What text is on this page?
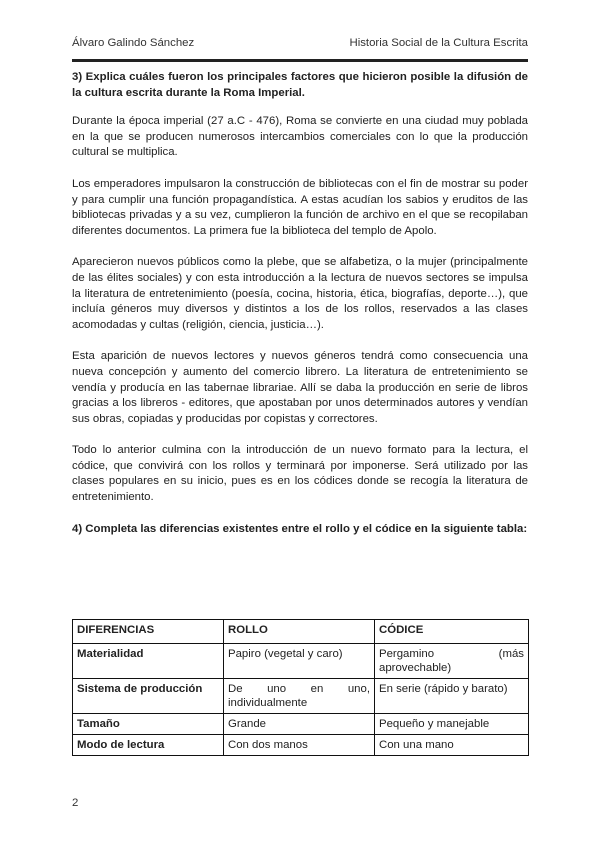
Álvaro Galindo Sánchez	Historia Social de la Cultura Escrita

3) Explica cuáles fueron los principales factores que hicieron posible la difusión de la cultura escrita durante la Roma Imperial.

Durante la época imperial (27 a.C - 476), Roma se convierte en una ciudad muy poblada en la que se producen numerosos intercambios comerciales con lo que la producción cultural se multiplica.

Los emperadores impulsaron la construcción de bibliotecas con el fin de mostrar su poder y para cumplir una función propagandística. A estas acudían los sabios y eruditos de las bibliotecas privadas y a su vez, cumplieron la función de archivo en el que se recopilaban diferentes documentos. La primera fue la biblioteca del templo de Apolo.

Aparecieron nuevos públicos como la plebe, que se alfabetiza, o la mujer (principalmente de las élites sociales) y con esta introducción a la lectura de nuevos sectores se impulsa la literatura de entretenimiento (poesía, cocina, historia, ética, biografías, deporte…), que incluía géneros muy diversos y distintos a los de los rollos, reservados a las clases acomodadas y cultas (religión, ciencia, justicia…).

Esta aparición de nuevos lectores y nuevos géneros tendrá como consecuencia una nueva concepción y aumento del comercio librero. La literatura de entretenimiento se vendía y producía en las tabernae librariae. Allí se daba la producción en serie de libros gracias a los libreros - editores, que apostaban por unos determinados autores y vendían sus obras, copiadas y producidas por copistas y correctores.

Todo lo anterior culmina con la introducción de un nuevo formato para la lectura, el códice, que convivirá con los rollos y terminará por imponerse. Será utilizado por las clases populares en su inicio, pues es en los códices donde se recogía la literatura de entretenimiento.

4) Completa las diferencias existentes entre el rollo y el códice en la siguiente tabla:

DIFERENCIAS	ROLLO	CÓDICE
Materialidad	Papiro (vegetal y caro)	Pergamino (más aprovechable)
Sistema de producción	De uno en uno, individualmente	En serie (rápido y barato)
Tamaño	Grande	Pequeño y manejable
Modo de lectura	Con dos manos	Con una mano
2
